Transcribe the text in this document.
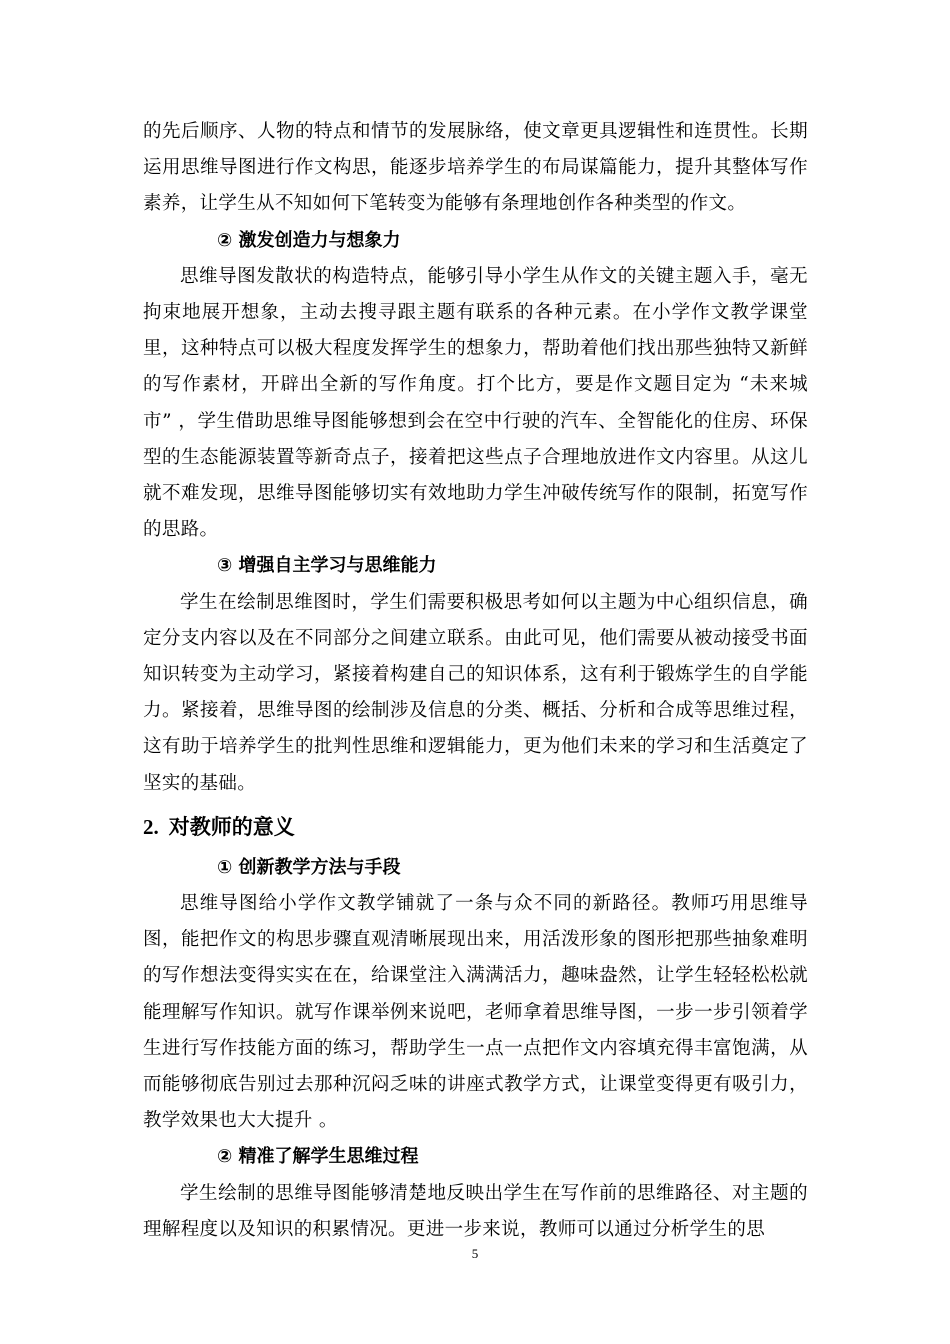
的先后顺序、人物的特点和情节的发展脉络，使文章更具逻辑性和连贯性。长期运用思维导图进行作文构思，能逐步培养学生的布局谋篇能力，提升其整体写作素养，让学生从不知如何下笔转变为能够有条理地创作各种类型的作文。

② 激发创造力与想象力

思维导图发散状的构造特点，能够引导小学生从作文的关键主题入手，毫无拘束地展开想象，主动去搜寻跟主题有联系的各种元素。在小学作文教学课堂里，这种特点可以极大程度发挥学生的想象力，帮助着他们找出那些独特又新鲜的写作素材，开辟出全新的写作角度。打个比方，要是作文题目定为 “未来城市” ，学生借助思维导图能够想到会在空中行驶的汽车、全智能化的住房、环保型的生态能源装置等新奇点子，接着把这些点子合理地放进作文内容里。从这儿就不难发现，思维导图能够切实有效地助力学生冲破传统写作的限制，拓宽写作的思路。

③ 增强自主学习与思维能力

学生在绘制思维图时，学生们需要积极思考如何以主题为中心组织信息，确定分支内容以及在不同部分之间建立联系。由此可见，他们需要从被动接受书面知识转变为主动学习，紧接着构建自己的知识体系，这有利于锻炼学生的自学能力。紧接着，思维导图的绘制涉及信息的分类、概括、分析和合成等思维过程，这有助于培养学生的批判性思维和逻辑能力，更为他们未来的学习和生活奠定了坚实的基础。

2. 对教师的意义
① 创新教学方法与手段

思维导图给小学作文教学铺就了一条与众不同的新路径。教师巧用思维导图，能把作文的构思步骤直观清晰展现出来，用活泼形象的图形把那些抽象难明的写作想法变得实实在在，给课堂注入满满活力，趣味盎然，让学生轻轻松松就能理解写作知识。就写作课举例来说吧，老师拿着思维导图，一步一步引领着学生进行写作技能方面的练习，帮助学生一点一点把作文内容填充得丰富饱满，从而能够彻底告别过去那种沉闷乏味的讲座式教学方式，让课堂变得更有吸引力，教学效果也大大提升 。

② 精准了解学生思维过程

学生绘制的思维导图能够清楚地反映出学生在写作前的思维路径、对主题的理解程度以及知识的积累情况。更进一步来说，教师可以通过分析学生的思

5
